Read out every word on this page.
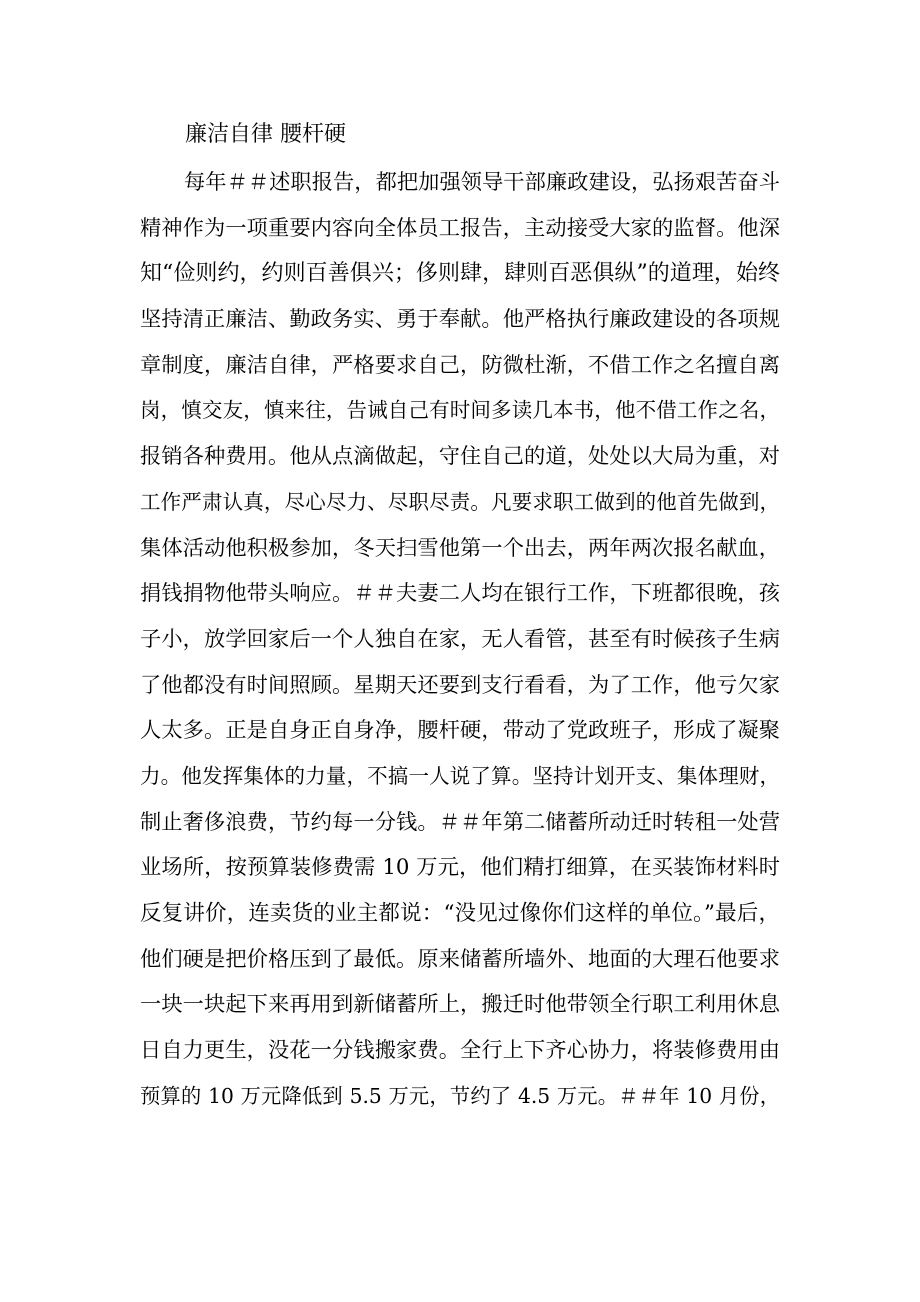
廉洁自律 腰杆硬
每年＃＃述职报告，都把加强领导干部廉政建设，弘扬艰苦奋斗
精神作为一项重要内容向全体员工报告，主动接受大家的监督。他深
知“俭则约，约则百善俱兴；侈则肆，肆则百恶俱纵”的道理，始终
坚持清正廉洁、勤政务实、勇于奉献。他严格执行廉政建设的各项规
章制度，廉洁自律，严格要求自己，防微杜渐，不借工作之名擅自离
岗，慎交友，慎来往，告诫自己有时间多读几本书，他不借工作之名，
报销各种费用。他从点滴做起，守住自己的道，处处以大局为重，对
工作严肃认真，尽心尽力、尽职尽责。凡要求职工做到的他首先做到，
集体活动他积极参加，冬天扫雪他第一个出去，两年两次报名献血，
捐钱捐物他带头响应。＃＃夫妻二人均在银行工作，下班都很晚，孩
子小，放学回家后一个人独自在家，无人看管，甚至有时候孩子生病
了他都没有时间照顾。星期天还要到支行看看，为了工作，他亏欠家
人太多。正是自身正自身净，腰杆硬，带动了党政班子，形成了凝聚
力。他发挥集体的力量，不搞一人说了算。坚持计划开支、集体理财，
制止奢侈浪费，节约每一分钱。＃＃年第二储蓄所动迁时转租一处营
业场所，按预算装修费需 10 万元，他们精打细算，在买装饰材料时
反复讲价，连卖货的业主都说：“没见过像你们这样的单位。”最后，
他们硬是把价格压到了最低。原来储蓄所墙外、地面的大理石他要求
一块一块起下来再用到新储蓄所上，搬迁时他带领全行职工利用休息
日自力更生，没花一分钱搬家费。全行上下齐心协力，将装修费用由
预算的 10 万元降低到 5.5 万元，节约了 4.5 万元。＃＃年 10 月份，
